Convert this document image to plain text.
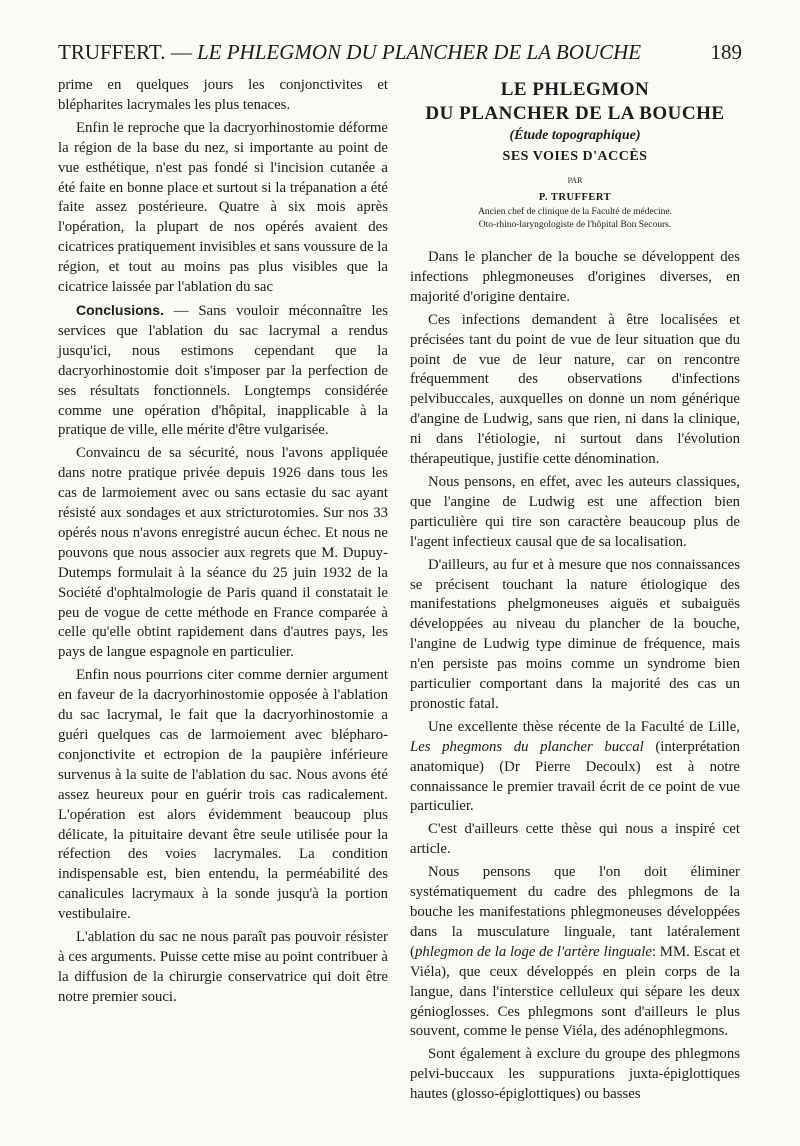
TRUFFERT. — LE PHLEGMON DU PLANCHER DE LA BOUCHE	189

prime en quelques jours les conjonctivites et blépharites lacrymales les plus tenaces.

Enfin le reproche que la dacryorhinostomie déforme la région de la base du nez, si importante au point de vue esthétique, n'est pas fondé si l'incision cutanée a été faite en bonne place et surtout si la trépanation a été faite assez postérieure. Quatre à six mois après l'opération, la plupart de nos opérés avaient des cicatrices pratiquement invisibles et sans voussure de la région, et tout au moins pas plus visibles que la cicatrice laissée par l'ablation du sac

Conclusions. — Sans vouloir méconnaître les services que l'ablation du sac lacrymal a rendus jusqu'ici, nous estimons cependant que la dacryorhinostomie doit s'imposer par la perfection de ses résultats fonctionnels. Longtemps considérée comme une opération d'hôpital, inapplicable à la pratique de ville, elle mérite d'être vulgarisée.

Convaincu de sa sécurité, nous l'avons appliquée dans notre pratique privée depuis 1926 dans tous les cas de larmoiement avec ou sans ectasie du sac ayant résisté aux sondages et aux stricturotomies. Sur nos 33 opérés nous n'avons enregistré aucun échec. Et nous ne pouvons que nous associer aux regrets que M. Dupuy-Dutemps formulait à la séance du 25 juin 1932 de la Société d'ophtalmologie de Paris quand il constatait le peu de vogue de cette méthode en France comparée à celle qu'elle obtint rapidement dans d'autres pays, les pays de langue espagnole en particulier.

Enfin nous pourrions citer comme dernier argument en faveur de la dacryorhinostomie opposée à l'ablation du sac lacrymal, le fait que la dacryorhinostomie a guéri quelques cas de larmoiement avec blépharo-conjonctivite et ectropion de la paupière inférieure survenus à la suite de l'ablation du sac. Nous avons été assez heureux pour en guérir trois cas radicalement. L'opération est alors évidemment beaucoup plus délicate, la pituitaire devant être seule utilisée pour la réfection des voies lacrymales. La condition indispensable est, bien entendu, la perméabilité des canalicules lacrymaux à la sonde jusqu'à la portion vestibulaire.

L'ablation du sac ne nous paraît pas pouvoir résister à ces arguments. Puisse cette mise au point contribuer à la diffusion de la chirurgie conservatrice qui doit être notre premier souci.

LE PHLEGMON
DU PLANCHER DE LA BOUCHE
(Étude topographique)
SES VOIES D'ACCÈS
PAR
P. TRUFFERT
Ancien chef de clinique de la Faculté de médecine.
Oto-rhino-laryngologiste de l'hôpital Bon Secours.

Dans le plancher de la bouche se développent des infections phlegmoneuses d'origines diverses, en majorité d'origine dentaire.

Ces infections demandent à être localisées et précisées tant du point de vue de leur situation que du point de vue de leur nature, car on rencontre fréquemment des observations d'infections pelvibuccales, auxquelles on donne un nom générique d'angine de Ludwig, sans que rien, ni dans la clinique, ni dans l'étiologie, ni surtout dans l'évolution thérapeutique, justifie cette dénomination.

Nous pensons, en effet, avec les auteurs classiques, que l'angine de Ludwig est une affection bien particulière qui tire son caractère beaucoup plus de l'agent infectieux causal que de sa localisation.

D'ailleurs, au fur et à mesure que nos connaissances se précisent touchant la nature étiologique des manifestations phelgmoneuses aiguës et subaiguës développées au niveau du plancher de la bouche, l'angine de Ludwig type diminue de fréquence, mais n'en persiste pas moins comme un syndrome bien particulier comportant dans la majorité des cas un pronostic fatal.

Une excellente thèse récente de la Faculté de Lille, Les phegmons du plancher buccal (interprétation anatomique) (Dr Pierre Decoulx) est à notre connaissance le premier travail écrit de ce point de vue particulier.

C'est d'ailleurs cette thèse qui nous a inspiré cet article.

Nous pensons que l'on doit éliminer systématiquement du cadre des phlegmons de la bouche les manifestations phlegmoneuses développées dans la musculature linguale, tant latéralement (phlegmon de la loge de l'artère linguale: MM. Escat et Viéla), que ceux développés en plein corps de la langue, dans l'interstice celluleux qui sépare les deux génioglosses. Ces phlegmons sont d'ailleurs le plus souvent, comme le pense Viéla, des adénophlegmons.

Sont également à exclure du groupe des phlegmons pelvi-buccaux les suppurations juxta-épiglottiques hautes (glosso-épiglottiques) ou basses
